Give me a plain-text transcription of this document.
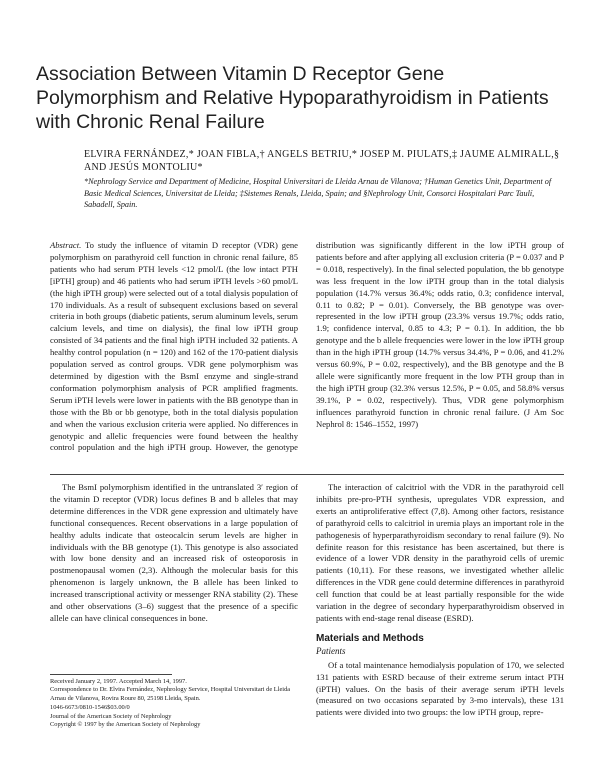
Association Between Vitamin D Receptor Gene Polymorphism and Relative Hypoparathyroidism in Patients with Chronic Renal Failure
ELVIRA FERNÁNDEZ,* JOAN FIBLA,† ANGELS BETRIU,* JOSEP M. PIULATS,‡ JAUME ALMIRALL,§ AND JESÚS MONTOLIU*
*Nephrology Service and Department of Medicine, Hospital Universitari de Lleida Arnau de Vilanova; †Human Genetics Unit, Department of Basic Medical Sciences, Universitat de Lleida; ‡Sistemes Renals, Lleida, Spain; and §Nephrology Unit, Consorci Hospitalari Parc Taulí, Sabadell, Spain.
Abstract. To study the influence of vitamin D receptor (VDR) gene polymorphism on parathyroid cell function in chronic renal failure, 85 patients who had serum PTH levels <12 pmol/L (the low intact PTH [iPTH] group) and 46 patients who had serum iPTH levels >60 pmol/L (the high iPTH group) were selected out of a total dialysis population of 170 individuals. As a result of subsequent exclusions based on several criteria in both groups (diabetic patients, serum aluminum levels, serum calcium levels, and time on dialysis), the final low iPTH group consisted of 34 patients and the final high iPTH included 32 patients. A healthy control population (n = 120) and 162 of the 170-patient dialysis population served as control groups. VDR gene polymorphism was determined by digestion with the BsmI enzyme and single-strand conformation polymorphism analysis of PCR amplified fragments. Serum iPTH levels were lower in patients with the BB genotype than in those with the Bb or bb genotype, both in the total dialysis population and when the various exclusion criteria were applied. No differences in genotypic and allelic frequencies were found between the healthy control population and the high iPTH group. However, the genotype distribution was significantly different in the low iPTH group of patients before and after applying all exclusion criteria (P = 0.037 and P = 0.018, respectively). In the final selected population, the bb genotype was less frequent in the low iPTH group than in the total dialysis population (14.7% versus 36.4%; odds ratio, 0.3; confidence interval, 0.11 to 0.82; P = 0.01). Conversely, the BB genotype was over-represented in the low iPTH group (23.3% versus 19.7%; odds ratio, 1.9; confidence interval, 0.85 to 4.3; P = 0.1). In addition, the bb genotype and the b allele frequencies were lower in the low iPTH group than in the high iPTH group (14.7% versus 34.4%, P = 0.06, and 41.2% versus 60.9%, P = 0.02, respectively), and the BB genotype and the B allele were significantly more frequent in the low PTH group than in the high iPTH group (32.3% versus 12.5%, P = 0.05, and 58.8% versus 39.1%, P = 0.02, respectively). Thus, VDR gene polymorphism influences parathyroid function in chronic renal failure. (J Am Soc Nephrol 8: 1546–1552, 1997)

The BsmI polymorphism identified in the untranslated 3′ region of the vitamin D receptor (VDR) locus defines B and b alleles that may determine differences in the VDR gene expression and ultimately have functional consequences. Recent observations in a large population of healthy adults indicate that osteocalcin serum levels are higher in individuals with the BB genotype (1). This genotype is also associated with low bone density and an increased risk of osteoporosis in postmenopausal women (2,3). Although the molecular basis for this phenomenon is largely unknown, the B allele has been linked to increased transcriptional activity or messenger RNA stability (2). These and other observations (3–6) suggest that the presence of a specific allele can have clinical consequences in bone.

The interaction of calcitriol with the VDR in the parathyroid cell inhibits pre-pro-PTH synthesis, upregulates VDR expression, and exerts an antiproliferative effect (7,8). Among other factors, resistance of parathyroid cells to calcitriol in uremia plays an important role in the pathogenesis of hyperparathyroidism secondary to renal failure (9). No definite reason for this resistance has been ascertained, but there is evidence of a lower VDR density in the parathyroid cells of uremic patients (10,11). For these reasons, we investigated whether allelic differences in the VDR gene could determine differences in parathyroid cell function that could be at least partially responsible for the wide variation in the degree of secondary hyperparathyroidism observed in patients with end-stage renal disease (ESRD).

Materials and Methods
Patients

Of a total maintenance hemodialysis population of 170, we selected 131 patients with ESRD because of their extreme serum intact PTH (iPTH) values. On the basis of their average serum iPTH levels (measured on two occasions separated by 3-mo intervals), these 131 patients were divided into two groups: the low iPTH group, repre-

Received January 2, 1997. Accepted March 14, 1997.
Correspondence to Dr. Elvira Fernández, Nephrology Service, Hospital Universitari de Lleida Arnau de Vilanova, Rovira Roure 80, 25198 Lleida, Spain.
1046-6673/0810-1546$03.00/0
Journal of the American Society of Nephrology
Copyright © 1997 by the American Society of Nephrology
